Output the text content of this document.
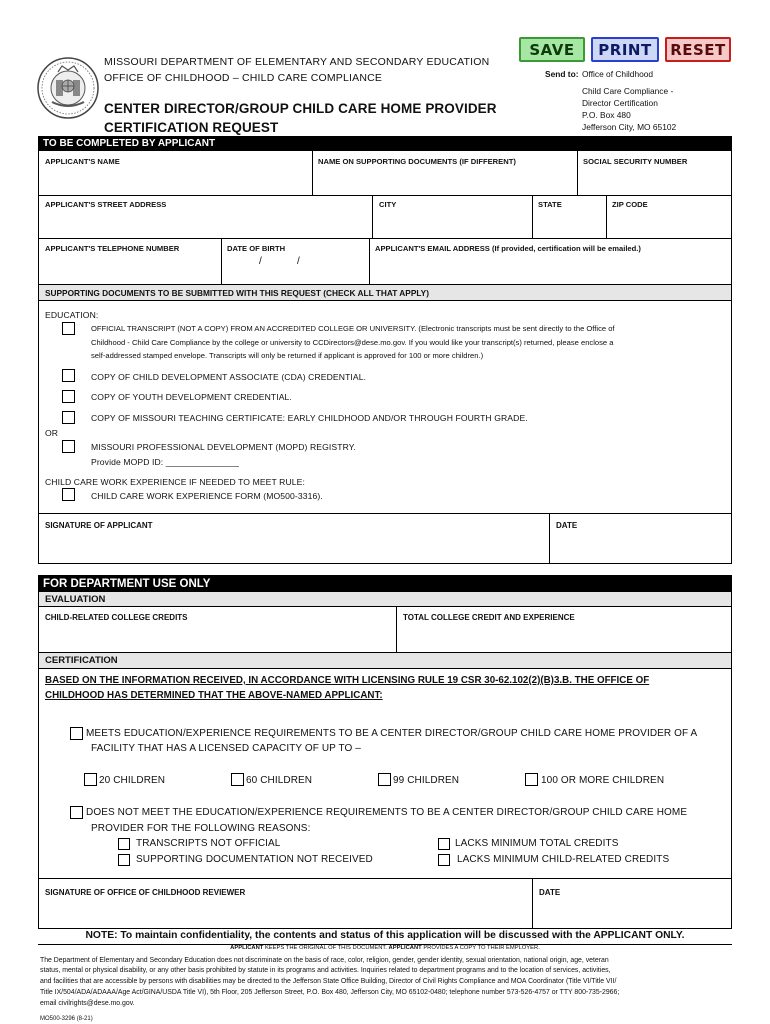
SAVE	PRINT	RESET
MISSOURI DEPARTMENT OF ELEMENTARY AND SECONDARY EDUCATION
OFFICE OF CHILDHOOD – CHILD CARE COMPLIANCE
CENTER DIRECTOR/GROUP CHILD CARE HOME PROVIDER
CERTIFICATION REQUEST
Send to: Office of Childhood
Child Care Compliance -
Director Certification
P.O. Box 480
Jefferson City, MO 65102
TO BE COMPLETED BY APPLICANT
APPLICANT'S NAME	NAME ON SUPPORTING DOCUMENTS (IF DIFFERENT)	SOCIAL SECURITY NUMBER
APPLICANT'S STREET ADDRESS	CITY	STATE	ZIP CODE
APPLICANT'S TELEPHONE NUMBER	DATE OF BIRTH
/	/
APPLICANT'S EMAIL ADDRESS (If provided, certification will be emailed.)
SUPPORTING DOCUMENTS TO BE SUBMITTED WITH THIS REQUEST (CHECK ALL THAT APPLY)
EDUCATION:
OFFICIAL TRANSCRIPT (NOT A COPY) FROM AN ACCREDITED COLLEGE OR UNIVERSITY. (Electronic transcripts must be sent directly to the Office of
Childhood - Child Care Compliance by the college or university to CCDirectors@dese.mo.gov. If you would like your transcript(s) returned, please enclose a
self-addressed stamped envelope. Transcripts will only be returned if applicant is approved for 100 or more children.)
COPY OF CHILD DEVELOPMENT ASSOCIATE (CDA) CREDENTIAL.
COPY OF YOUTH DEVELOPMENT CREDENTIAL.
COPY OF MISSOURI TEACHING CERTIFICATE: EARLY CHILDHOOD AND/OR THROUGH FOURTH GRADE.
OR
MISSOURI PROFESSIONAL DEVELOPMENT (MOPD) REGISTRY.
Provide MOPD ID: _______________
CHILD CARE WORK EXPERIENCE IF NEEDED TO MEET RULE:
CHILD CARE WORK EXPERIENCE FORM (MO500-3316).
SIGNATURE OF APPLICANT	DATE
FOR DEPARTMENT USE ONLY
EVALUATION
CHILD-RELATED COLLEGE CREDITS	TOTAL COLLEGE CREDIT AND EXPERIENCE
CERTIFICATION
BASED ON THE INFORMATION RECEIVED, IN ACCORDANCE WITH LICENSING RULE 19 CSR 30-62.102(2)(B)3.B. THE OFFICE OF
CHILDHOOD HAS DETERMINED THAT THE ABOVE-NAMED APPLICANT:
MEETS EDUCATION/EXPERIENCE REQUIREMENTS TO BE A CENTER DIRECTOR/GROUP CHILD CARE HOME PROVIDER OF A
FACILITY THAT HAS A LICENSED CAPACITY OF UP TO –
20 CHILDREN	60 CHILDREN	99 CHILDREN	100 OR MORE CHILDREN
DOES NOT MEET THE EDUCATION/EXPERIENCE REQUIREMENTS TO BE A CENTER DIRECTOR/GROUP CHILD CARE HOME
PROVIDER FOR THE FOLLOWING REASONS:
TRANSCRIPTS NOT OFFICIAL
SUPPORTING DOCUMENTATION NOT RECEIVED
LACKS MINIMUM TOTAL CREDITS
LACKS MINIMUM CHILD-RELATED CREDITS
SIGNATURE OF OFFICE OF CHILDHOOD REVIEWER	DATE
NOTE: To maintain confidentiality, the contents and status of this application will be discussed with the APPLICANT ONLY.
APPLICANT KEEPS THE ORIGINAL OF THIS DOCUMENT. APPLICANT PROVIDES A COPY TO THEIR EMPLOYER.
The Department of Elementary and Secondary Education does not discriminate on the basis of race, color, religion, gender, gender identity, sexual orientation, national origin, age, veteran
status, mental or physical disability, or any other basis prohibited by statute in its programs and activities. Inquiries related to department programs and to the location of services, activities,
and facilities that are accessible by persons with disabilities may be directed to the Jefferson State Office Building, Director of Civil Rights Compliance and MOA Coordinator (Title VI/Title VII/
Title IX/504/ADA/ADAAA/Age Act/GINA/USDA Title VI), 5th Floor, 205 Jefferson Street, P.O. Box 480, Jefferson City, MO 65102-0480; telephone number 573-526-4757 or TTY 800-735-2966;
email civilrights@dese.mo.gov.
MO500-3296 (8-21)
